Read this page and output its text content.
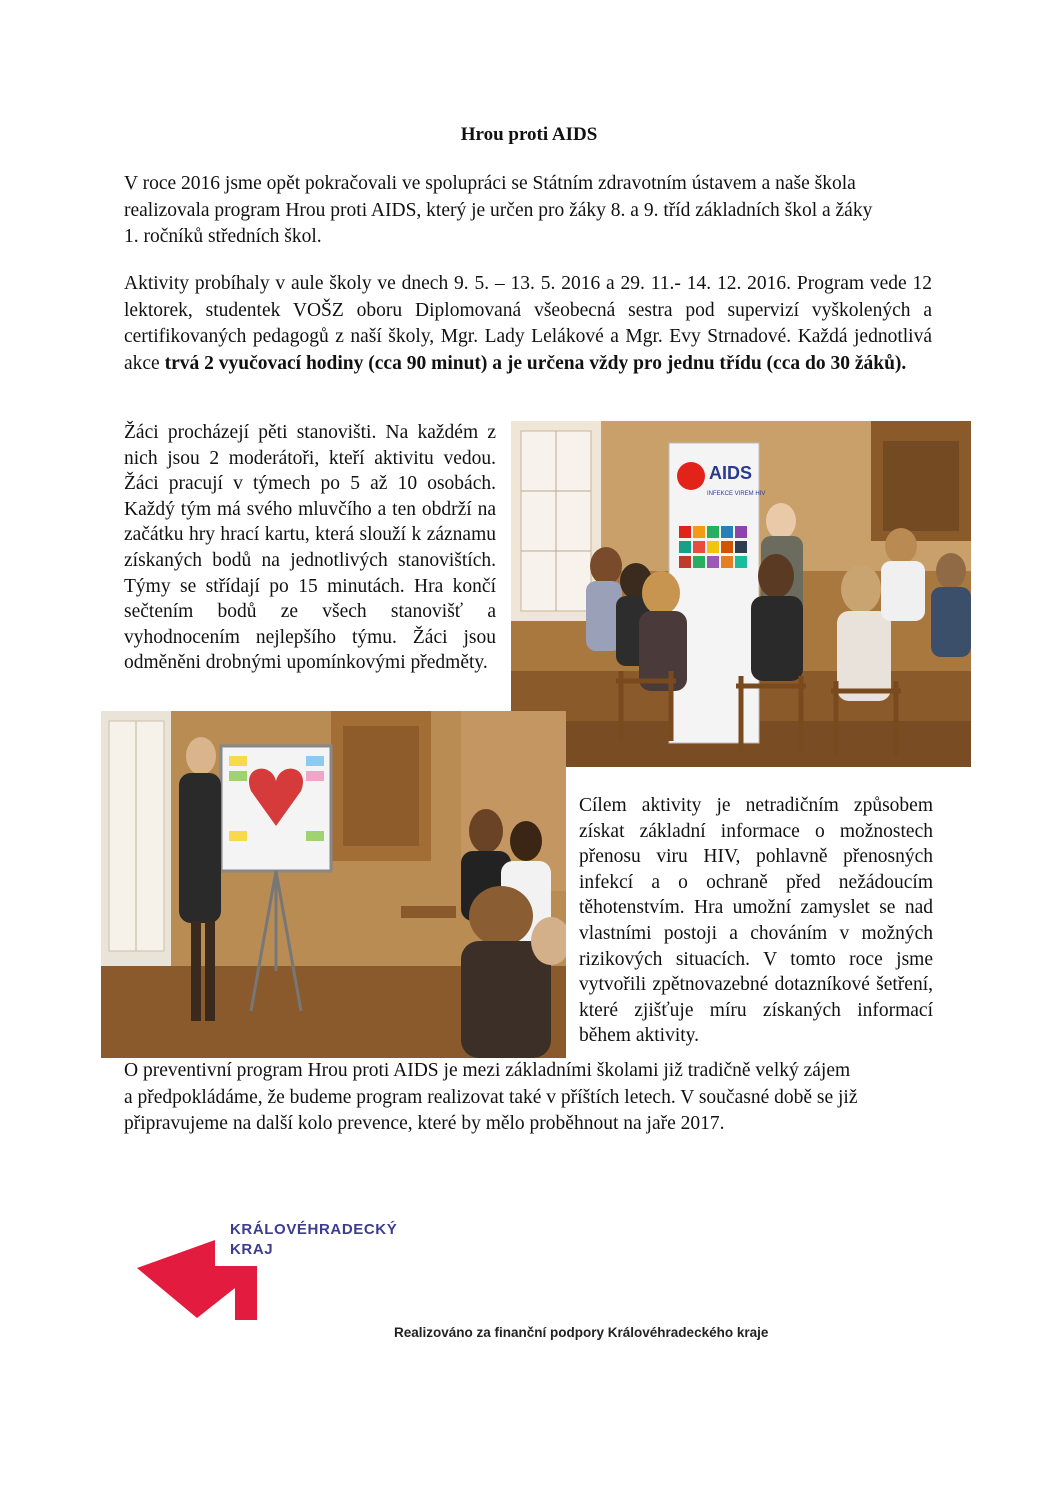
Hrou proti AIDS
V roce 2016 jsme opět pokračovali ve spolupráci se Státním zdravotním ústavem a naše škola
realizovala program Hrou proti AIDS, který je určen pro žáky 8. a 9. tříd základních škol a žáky
1. ročníků středních škol.
Aktivity probíhaly v aule školy ve dnech 9. 5. – 13. 5. 2016 a 29. 11.- 14. 12. 2016. Program vede 12 lektorek, studentek VOŠZ oboru Diplomovaná všeobecná sestra pod supervizí vyškolených a certifikovaných pedagogů z naší školy, Mgr. Lady Lelákové a Mgr. Evy Strnadové. Každá jednotlivá akce trvá 2 vyučovací hodiny (cca 90 minut) a je určena vždy pro jednu třídu (cca do 30 žáků).
Žáci procházejí pěti stanovišti. Na každém z nich jsou 2 moderátoři, kteří aktivitu vedou. Žáci pracují v týmech po 5 až 10 osobách. Každý tým má svého mluvčího a ten obdrží na začátku hry hrací kartu, která slouží k záznamu získaných bodů na jednotlivých stanovištích. Týmy se střídají po 15 minutách. Hra končí sečtením bodů ze všech stanovišť a vyhodnocením nejlepšího týmu. Žáci jsou odměněni drobnými upomínkovými předměty.
AIDS
INFEKCE VIREM HIV
Cílem aktivity je netradičním způsobem získat základní informace o možnostech přenosu viru HIV, pohlavně přenosných infekcí a o ochraně před nežádoucím těhotenstvím. Hra umožní zamyslet se nad vlastními postoji a chováním v možných rizikových situacích. V tomto roce jsme vytvořili zpětnovazebné dotazníkové šetření, které zjišťuje míru získaných informací během aktivity.
O preventivní program Hrou proti AIDS je mezi základními školami již tradičně velký zájem
a předpokládáme, že budeme program realizovat také v příštích letech. V současné době se již
připravujeme na další kolo prevence, které by mělo proběhnout na jaře 2017.
KRÁLOVÉHRADECKÝ
KRAJ
Realizováno za finanční podpory Královéhradeckého kraje
